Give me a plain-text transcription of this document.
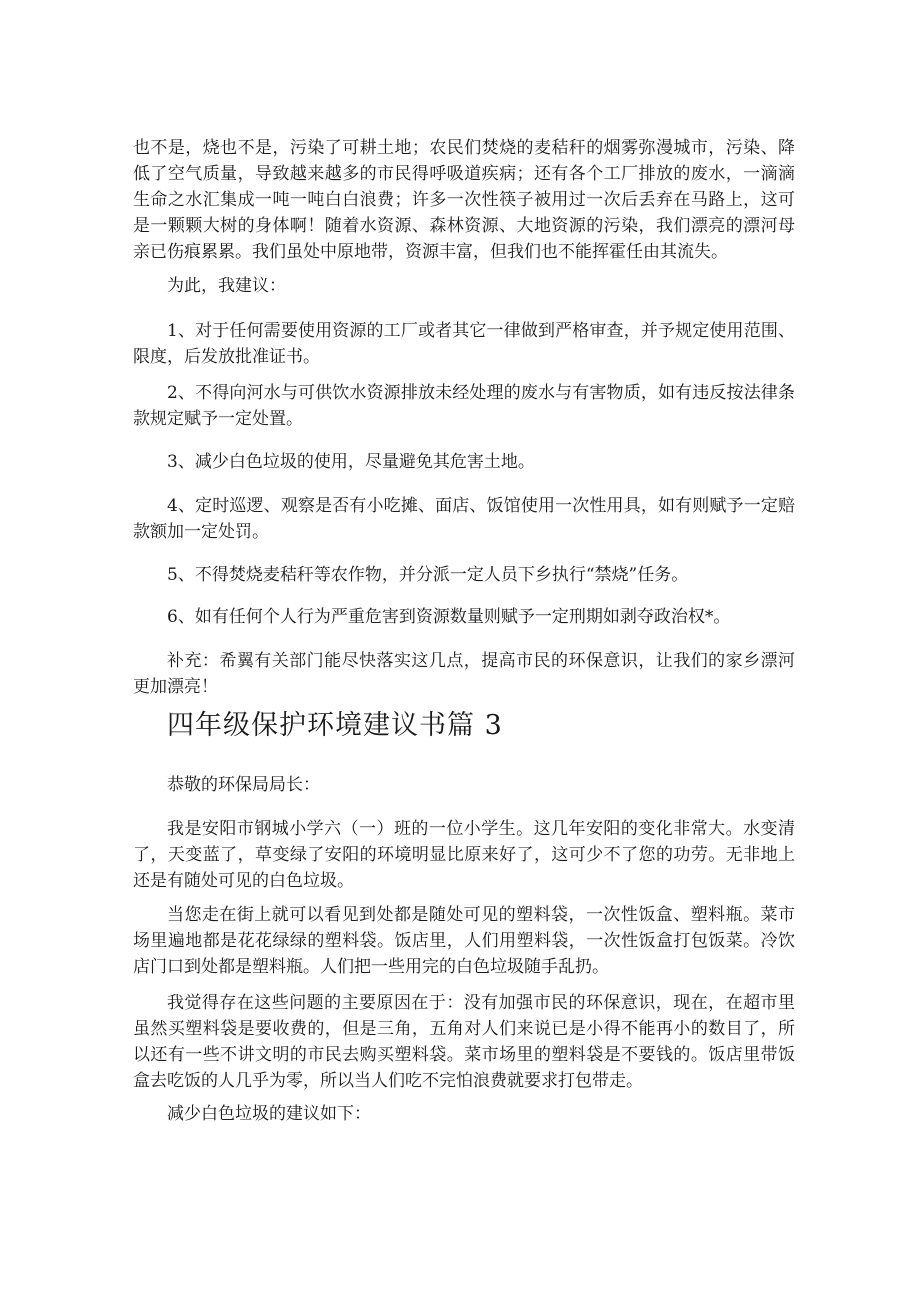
也不是，烧也不是，污染了可耕土地；农民们焚烧的麦秸秆的烟雾弥漫城市，污染、降低了空气质量，导致越来越多的市民得呼吸道疾病；还有各个工厂排放的废水，一滴滴生命之水汇集成一吨一吨白白浪费；许多一次性筷子被用过一次后丢弃在马路上，这可是一颗颗大树的身体啊！随着水资源、森林资源、大地资源的污染，我们漂亮的漂河母亲已伤痕累累。我们虽处中原地带，资源丰富，但我们也不能挥霍任由其流失。

为此，我建议：

1、对于任何需要使用资源的工厂或者其它一律做到严格审查，并予规定使用范围、限度，后发放批准证书。

2、不得向河水与可供饮水资源排放未经处理的废水与有害物质，如有违反按法律条款规定赋予一定处置。

3、减少白色垃圾的使用，尽量避免其危害土地。

4、定时巡逻、观察是否有小吃摊、面店、饭馆使用一次性用具，如有则赋予一定赔款额加一定处罚。

5、不得焚烧麦秸秆等农作物，并分派一定人员下乡执行“禁烧”任务。

6、如有任何个人行为严重危害到资源数量则赋予一定刑期如剥夺政治权*。

补充：希翼有关部门能尽快落实这几点，提高市民的环保意识，让我们的家乡漂河更加漂亮！

四年级保护环境建议书篇 3

恭敬的环保局局长：

我是安阳市钢城小学六（一）班的一位小学生。这几年安阳的变化非常大。水变清了，天变蓝了，草变绿了安阳的环境明显比原来好了，这可少不了您的功劳。无非地上还是有随处可见的白色垃圾。

当您走在街上就可以看见到处都是随处可见的塑料袋，一次性饭盒、塑料瓶。菜市场里遍地都是花花绿绿的塑料袋。饭店里，人们用塑料袋，一次性饭盒打包饭菜。冷饮店门口到处都是塑料瓶。人们把一些用完的白色垃圾随手乱扔。

我觉得存在这些问题的主要原因在于：没有加强市民的环保意识，现在，在超市里虽然买塑料袋是要收费的，但是三角，五角对人们来说已是小得不能再小的数目了，所以还有一些不讲文明的市民去购买塑料袋。菜市场里的塑料袋是不要钱的。饭店里带饭盒去吃饭的人几乎为零，所以当人们吃不完怕浪费就要求打包带走。

减少白色垃圾的建议如下：
